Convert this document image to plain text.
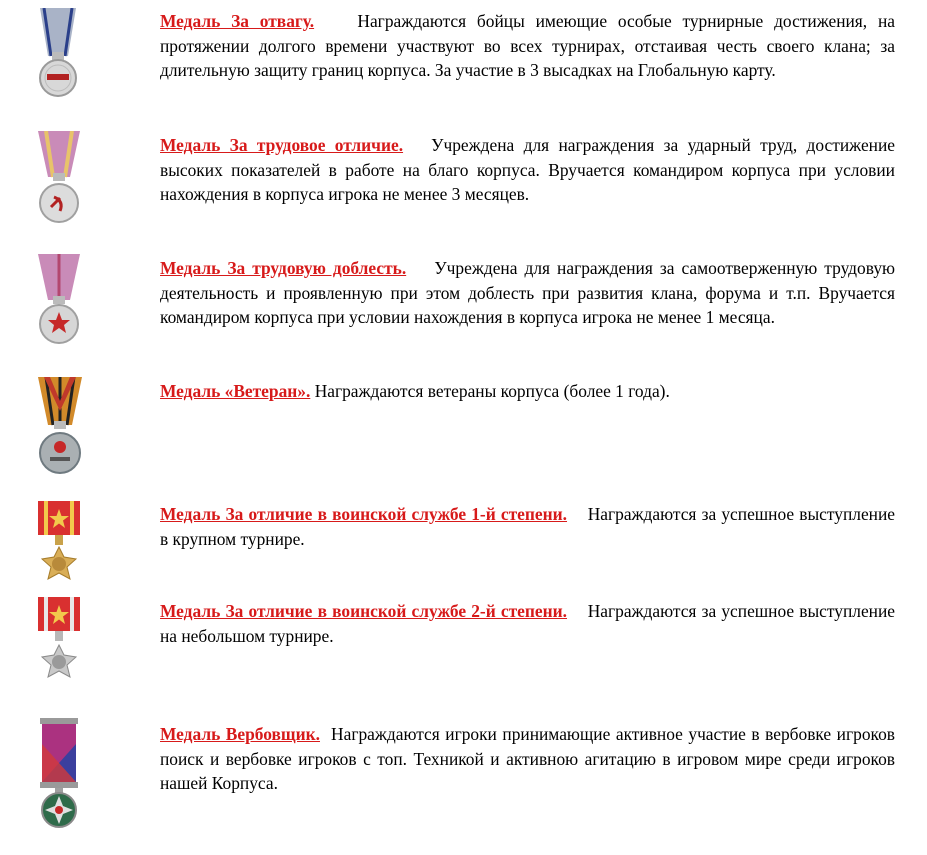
Медаль За отвагу. Награждаются бойцы имеющие особые турнирные достижения, на протяжении долгого времени участвуют во всех турнирах, отстаивая честь своего клана; за длительную защиту границ корпуса. За участие в 3 высадках на Глобальную карту.
Медаль За трудовое отличие. Учреждена для награждения за ударный труд, достижение высоких показателей в работе на благо корпуса. Вручается командиром корпуса при условии нахождения в корпуса игрока не менее 3 месяцев.
Медаль За трудовую доблесть. Учреждена для награждения за самоотверженную трудовую деятельность и проявленную при этом доблесть при развития клана, форума и т.п. Вручается командиром корпуса при условии нахождения в корпуса игрока не менее 1 месяца.
Медаль «Ветеран». Награждаются ветераны корпуса (более 1 года).
Медаль За отличие в воинской службе 1-й степени. Награждаются за успешное выступление в крупном турнире.
Медаль За отличие в воинской службе 2-й степени. Награждаются за успешное выступление на небольшом турнире.
Медаль Вербовщик. Награждаются игроки принимающие активное участие в вербовке игроков поиск и вербовке игроков с топ. Техникой и активною агитацию в игровом мире среди игроков нашей Корпуса.
